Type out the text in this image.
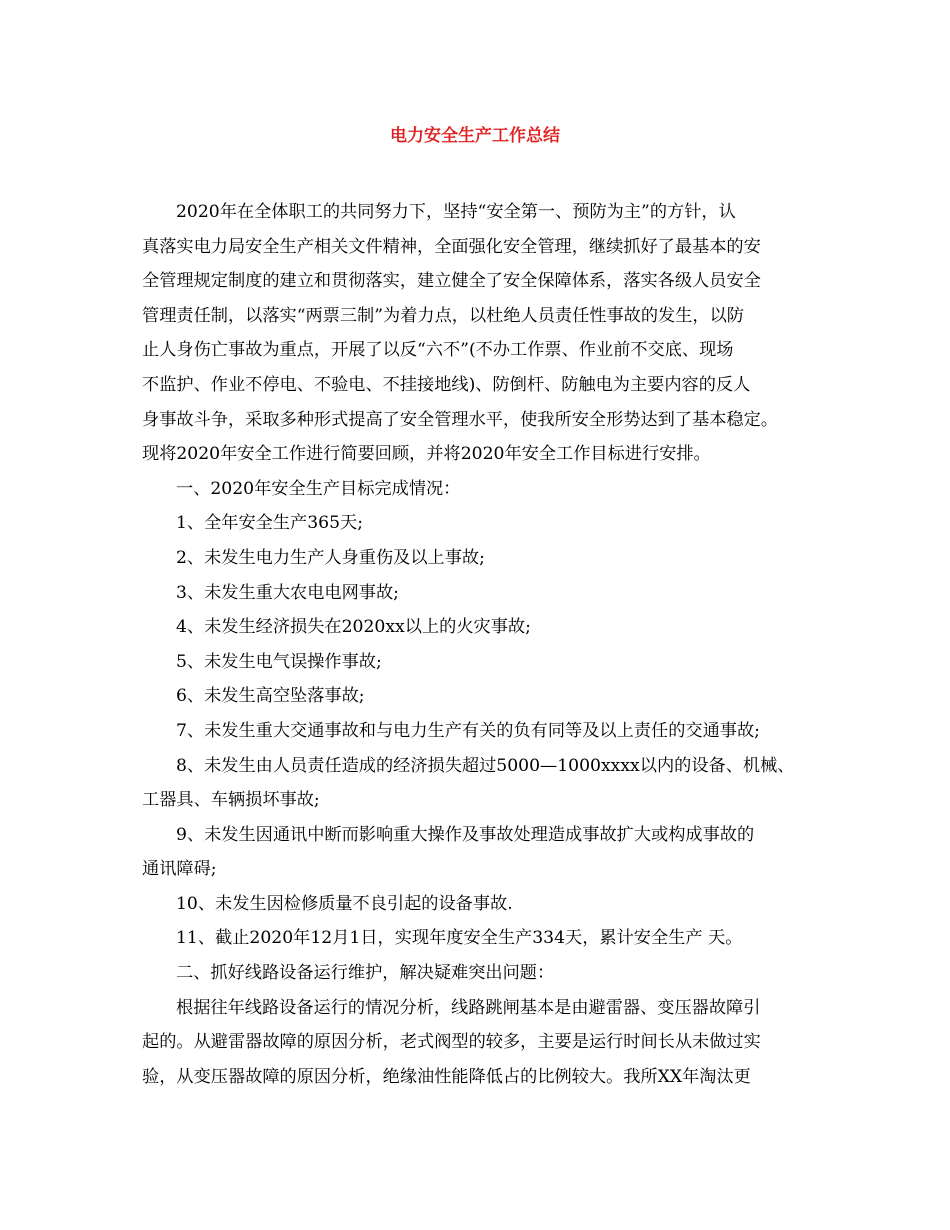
电力安全生产工作总结
2020年在全体职工的共同努力下，坚持“安全第一、预防为主”的方针，认
真落实电力局安全生产相关文件精神，全面强化安全管理，继续抓好了最基本的安
全管理规定制度的建立和贯彻落实，建立健全了安全保障体系，落实各级人员安全
管理责任制，以落实“两票三制”为着力点，以杜绝人员责任性事故的发生，以防
止人身伤亡事故为重点，开展了以反“六不”(不办工作票、作业前不交底、现场
不监护、作业不停电、不验电、不挂接地线)、防倒杆、防触电为主要内容的反人
身事故斗争，采取多种形式提高了安全管理水平，使我所安全形势达到了基本稳定。
现将2020年安全工作进行简要回顾，并将2020年安全工作目标进行安排。
一、2020年安全生产目标完成情况：
1、全年安全生产365天;
2、未发生电力生产人身重伤及以上事故;
3、未发生重大农电电网事故;
4、未发生经济损失在2020xx以上的火灾事故;
5、未发生电气误操作事故;
6、未发生高空坠落事故;
7、未发生重大交通事故和与电力生产有关的负有同等及以上责任的交通事故;
8、未发生由人员责任造成的经济损失超过5000—1000xxxx以内的设备、机械、
工器具、车辆损坏事故;
9、未发生因通讯中断而影响重大操作及事故处理造成事故扩大或构成事故的
通讯障碍;
10、未发生因检修质量不良引起的设备事故.
11、截止2020年12月1日，实现年度安全生产334天，累计安全生产 天。
二、抓好线路设备运行维护，解决疑难突出问题：
根据往年线路设备运行的情况分析，线路跳闸基本是由避雷器、变压器故障引
起的。从避雷器故障的原因分析，老式阀型的较多，主要是运行时间长从未做过实
验，从变压器故障的原因分析，绝缘油性能降低占的比例较大。我所XX年淘汰更
